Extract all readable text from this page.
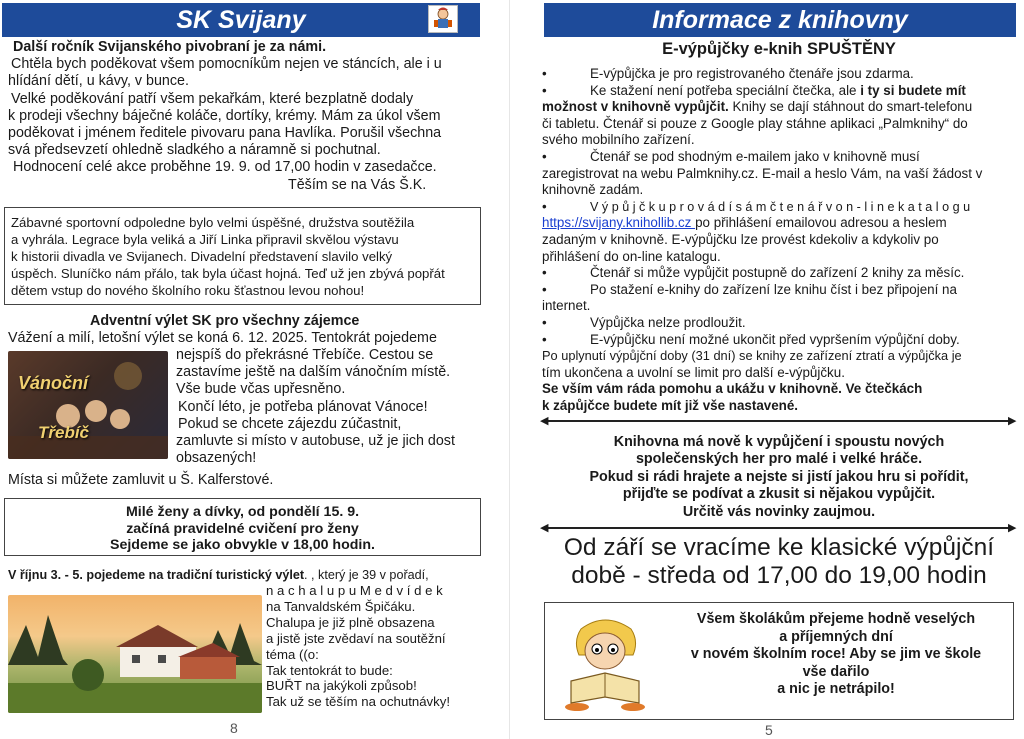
SK Svijany
Další ročník Svijanského pivobraní je za námi.
Chtěla bych poděkovat všem pomocníkům nejen ve stáncích, ale i u
hlídání dětí, u kávy, v bunce.
Velké poděkování patří všem pekařkám, které bezplatně dodaly
k prodeji všechny báječné koláče, dortíky, krémy. Mám za úkol všem
poděkovat i jménem ředitele pivovaru pana Havlíka. Porušil všechna
svá předsevzetí ohledně sladkého a náramně si pochutnal.
Hodnocení celé akce proběhne 19. 9. od 17,00 hodin v zasedačce.
Těším se na Vás Š.K.
Zábavné sportovní odpoledne bylo velmi úspěšné, družstva soutěžila
a vyhrála. Legrace byla veliká a Jiří Linka připravil skvělou výstavu
k historii divadla ve Svijanech. Divadelní představení slavilo velký
úspěch. Sluníčko nám přálo, tak byla účast hojná. Teď už jen zbývá popřát
dětem vstup do nového školního roku šťastnou levou nohou!
Adventní výlet SK pro všechny zájemce
Vážení a milí, letošní výlet se koná 6. 12. 2025. Tentokrát pojedeme
Vánoční
Třebíč
nejspíš do překrásné Třebíče. Cestou se
zastavíme ještě na dalším vánočním místě.
Vše bude včas upřesněno.
Končí léto, je potřeba plánovat Vánoce!
Pokud se chcete zájezdu zúčastnit,
zamluvte si místo v autobuse, už je jich dost
obsazených!
Místa si můžete zamluvit u Š. Kalferstové.
Milé ženy a dívky, od pondělí 15. 9.
začíná pravidelné cvičení pro ženy
Sejdeme se jako obvykle v 18,00 hodin.
V říjnu 3. - 5. pojedeme na tradiční turistický výlet. , který je 39 v pořadí,
n a c h a l u p u M e d v í d e k
na Tanvaldském Špičáku.
Chalupa je již plně obsazena
a jistě jste zvědaví na soutěžní
téma ((o:
Tak tentokrát to bude:
BUŘT na jakýkoli způsob!
Tak už se těším na ochutnávky!
8
Informace z knihovny
E-výpůjčky e-knih SPUŠTĚNY
•	E-výpůjčka je pro registrovaného čtenáře jsou zdarma.
•	Ke stažení není potřeba speciální čtečka, ale i ty si budete mít
možnost v knihovně vypůjčit. Knihy se dají stáhnout do smart-telefonu
či tabletu. Čtenář si pouze z Google play stáhne aplikaci „Palmknihy“ do
svého mobilního zařízení.
•	Čtenář se pod shodným e-mailem jako v knihovně musí
zaregistrovat na webu Palmknihy.cz. E-mail a heslo Vám, na vaší žádost v
knihovně zadám.
•	V ý p ů j č k u p r o v á d í s á m č t e n á ř v o n - l i n e k a t a l o g u
https://svijany.knihollib.cz po přihlášení emailovou adresou a heslem
zadaným v knihovně. E-výpůjčku lze provést kdekoliv a kdykoliv po
přihlášení do on-line katalogu.
•	Čtenář si může vypůjčit postupně do zařízení 2 knihy za měsíc.
•	Po stažení e-knihy do zařízení lze knihu číst i bez připojení na
internet.
•	Výpůjčka nelze prodloužit.
•	E-výpůjčku není možné ukončit před vypršením výpůjční doby.
Po uplynutí výpůjční doby (31 dní) se knihy ze zařízení ztratí a výpůjčka je
tím ukončena a uvolní se limit pro další e-výpůjčku.
Se vším vám ráda pomohu a ukážu v knihovně. Ve čtečkách
k zápůjčce budete mít již vše nastavené.
◀	▶
Knihovna má nově k vypůjčení i spoustu nových
společenských her pro malé i velké hráče.
Pokud si rádi hrajete a nejste si jistí jakou hru si pořídit,
přijďte se podívat a zkusit si nějakou vypůjčit.
Určitě vás novinky zaujmou.
◀	▶
Od září se vracíme ke klasické výpůjční
době - středa od 17,00 do 19,00 hodin
Všem školákům přejeme hodně veselých
a příjemných dní
v novém školním roce! Aby se jim ve škole
vše dařilo
a nic je netrápilo!
5
